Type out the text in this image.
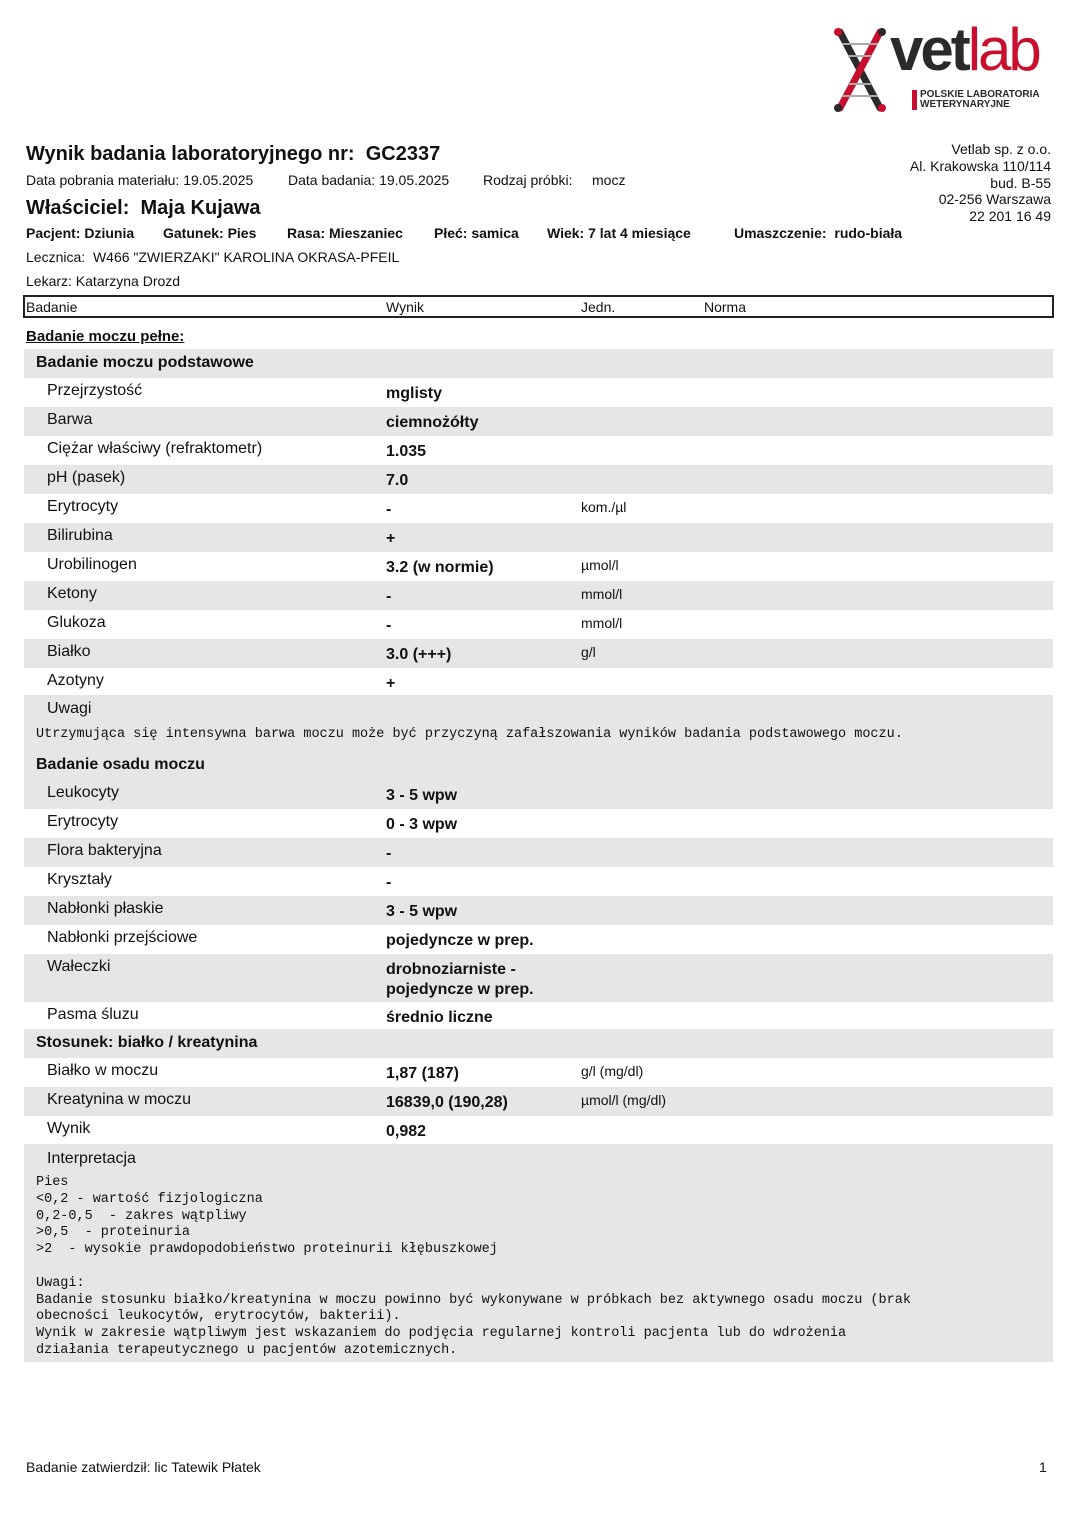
vetlab
POLSKIE LABORATORIA
WETERYNARYJNE
Vetlab sp. z o.o.
Al. Krakowska 110/114
bud. B-55
02-256 Warszawa
22 201 16 49
Wynik badania laboratoryjnego nr: GC2337
Data pobrania materiału: 19.05.2025 Data badania: 19.05.2025 Rodzaj próbki: mocz
Właściciel: Maja Kujawa
Pacjent: Dziunia Gatunek: Pies Rasa: Mieszaniec Płeć: samica Wiek: 7 lat 4 miesiące	Umaszczenie:  rudo-biała
Lecznica: W466 "ZWIERZAKI" KAROLINA OKRASA-PFEIL
Lekarz: Katarzyna Drozd
Badanie	Wynik	Jedn.	Norma
Badanie moczu pełne:
Badanie moczu podstawowe
Przejrzystość	mglisty
Barwa	ciemnożółty
Ciężar właściwy (refraktometr)	1.035
pH (pasek)	7.0
Erytrocyty	-	kom./µl
Bilirubina	+
Urobilinogen	3.2 (w normie)	µmol/l
Ketony	-	mmol/l
Glukoza	-	mmol/l
Białko	3.0 (+++)	g/l
Azotyny	+
Uwagi
Utrzymująca się intensywna barwa moczu może być przyczyną zafałszowania wyników badania podstawowego moczu.
Badanie osadu moczu
Leukocyty	3 - 5 wpw
Erytrocyty	0 - 3 wpw
Flora bakteryjna	-
Kryształy	-
Nabłonki płaskie	3 - 5 wpw
Nabłonki przejściowe	pojedyncze w prep.
Wałeczki	drobnoziarniste -
pojedyncze w prep.
Pasma śluzu	średnio liczne
Stosunek: białko / kreatynina
Białko w moczu	1,87 (187)	g/l (mg/dl)
Kreatynina w moczu	16839,0 (190,28)	µmol/l (mg/dl)
Wynik	0,982
Interpretacja
Pies
<0,2 - wartość fizjologiczna
0,2-0,5  - zakres wątpliwy
>0,5  - proteinuria
>2  - wysokie prawdopodobieństwo proteinurii kłębuszkowej

Uwagi:
Badanie stosunku białko/kreatynina w moczu powinno być wykonywane w próbkach bez aktywnego osadu moczu (brak
obecności leukocytów, erytrocytów, bakterii).
Wynik w zakresie wątpliwym jest wskazaniem do podjęcia regularnej kontroli pacjenta lub do wdrożenia
działania terapeutycznego u pacjentów azotemicznych.
Badanie zatwierdził: lic Tatewik Płatek	1
